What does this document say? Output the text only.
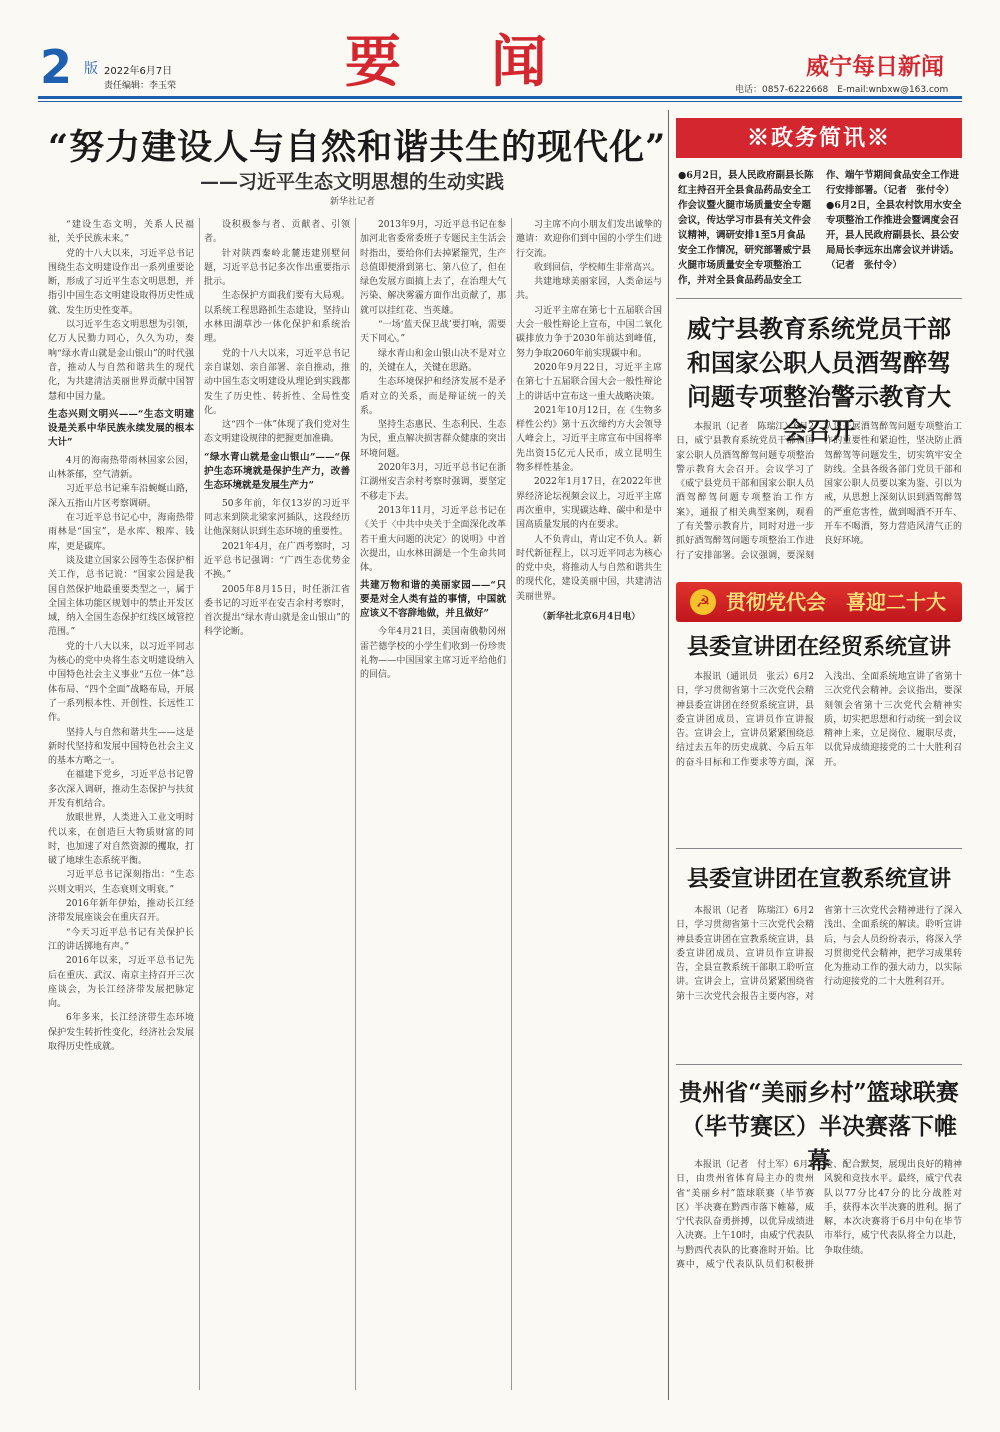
2 版 2022年6月7日
责任编辑：李玉荣	要闻	威宁每日新闻
电话：0857-6222668　E-mail:wnbxw@163.com
“努力建设人与自然和谐共生的现代化”
——习近平生态文明思想的生动实践
新华社记者

“建设生态文明，关系人民福祉，关乎民族未来。”

党的十八大以来，习近平总书记围绕生态文明建设作出一系列重要论断，形成了习近平生态文明思想，并指引中国生态文明建设取得历史性成就、发生历史性变革。

以习近平生态文明思想为引领，亿万人民勠力同心，久久为功，奏响“绿水青山就是金山银山”的时代强音，推动人与自然和谐共生的现代化，为共建清洁美丽世界贡献中国智慧和中国力量。

生态兴则文明兴——“生态文明建设是关系中华民族永续发展的根本大计”

4月的海南热带雨林国家公园，山林茶郁，空气清新。

习近平总书记乘车沿蜿蜒山路，深入五指山片区考察调研。

在习近平总书记心中，海南热带雨林是“国宝”，是水库、粮库、钱库，更是碳库。

谈及建立国家公园等生态保护相关工作，总书记说：“国家公园是我国自然保护地最重要类型之一，属于全国主体功能区规划中的禁止开发区域，纳入全国生态保护红线区域管控范围。”

党的十八大以来，以习近平同志为核心的党中央将生态文明建设纳入中国特色社会主义事业“五位一体”总体布局、“四个全面”战略布局，开展了一系列根本性、开创性、长远性工作。

坚持人与自然和谐共生——这是新时代坚持和发展中国特色社会主义的基本方略之一。

在福建下党乡，习近平总书记曾多次深入调研，推动生态保护与扶贫开发有机结合。

放眼世界，人类进入工业文明时代以来，在创造巨大物质财富的同时，也加速了对自然资源的攫取，打破了地球生态系统平衡。

习近平总书记深刻指出：“生态兴则文明兴，生态衰则文明衰。”

2016年新年伊始，推动长江经济带发展座谈会在重庆召开。

“今天习近平总书记有关保护长江的讲话掷地有声。”

2016年以来，习近平总书记先后在重庆、武汉、南京主持召开三次座谈会，为长江经济带发展把脉定向。

6年多来，长江经济带生态环境保护发生转折性变化，经济社会发展取得历史性成就。

设积极参与者、贡献者、引领者。

针对陕西秦岭北麓违建别墅问题，习近平总书记多次作出重要指示批示。

生态保护方面我们要有大局观。以系统工程思路抓生态建设，坚持山水林田湖草沙一体化保护和系统治理。

党的十八大以来，习近平总书记亲自谋划、亲自部署、亲自推动，推动中国生态文明建设从理论到实践都发生了历史性、转折性、全局性变化。

这“四个一体”体现了我们党对生态文明建设规律的把握更加准确。

“绿水青山就是金山银山”——“保护生态环境就是保护生产力，改善生态环境就是发展生产力”

50多年前，年仅13岁的习近平同志来到陕北梁家河插队，这段经历让他深刻认识到生态环境的重要性。

2021年4月，在广西考察时，习近平总书记强调：“广西生态优势金不换。”

2005年8月15日，时任浙江省委书记的习近平在安吉余村考察时，首次提出“绿水青山就是金山银山”的科学论断。

2013年9月，习近平总书记在参加河北省委常委班子专题民主生活会时指出，要给你们去掉紧箍咒，生产总值即便滑到第七、第八位了，但在绿色发展方面搞上去了，在治理大气污染、解决雾霾方面作出贡献了，那就可以挂红花、当英雄。

“一场‘蓝天保卫战’要打响，需要天下同心。”

绿水青山和金山银山决不是对立的，关键在人，关键在思路。

生态环境保护和经济发展不是矛盾对立的关系，而是辩证统一的关系。

坚持生态惠民、生态利民、生态为民，重点解决损害群众健康的突出环境问题。

2020年3月，习近平总书记在浙江湖州安吉余村考察时强调，要坚定不移走下去。

2013年11月，习近平总书记在《关于〈中共中央关于全面深化改革若干重大问题的决定〉的说明》中首次提出，山水林田湖是一个生命共同体。

共建万物和谐的美丽家园——“只要是对全人类有益的事情，中国就应该义不容辞地做，并且做好”

今年4月21日，美国南俄勒冈州雷芒德学校的小学生们收到一份珍贵礼物——中国国家主席习近平给他们的回信。

习主席不向小朋友们发出诚挚的邀请：欢迎你们到中国的小学生们进行交流。

收到回信，学校师生非常高兴。

共建地球美丽家园，人类命运与共。

习近平主席在第七十五届联合国大会一般性辩论上宣布，中国二氧化碳排放力争于2030年前达到峰值，努力争取2060年前实现碳中和。

2020年9月22日，习近平主席在第七十五届联合国大会一般性辩论上的讲话中宣布这一重大战略决策。

2021年10月12日，在《生物多样性公约》第十五次缔约方大会领导人峰会上，习近平主席宣布中国将率先出资15亿元人民币，成立昆明生物多样性基金。

2022年1月17日，在2022年世界经济论坛视频会议上，习近平主席再次重申，实现碳达峰、碳中和是中国高质量发展的内在要求。

人不负青山，青山定不负人。新时代新征程上，以习近平同志为核心的党中央，将推动人与自然和谐共生的现代化，建设美丽中国，共建清洁美丽世界。

（新华社北京6月4日电）
※政务简讯※
●6月2日，县人民政府副县长陈红主持召开全县食品药品安全工作会议暨火腿市场质量安全专题会议，传达学习市县有关文件会议精神，调研安排1至5月食品安全工作情况，研究部署威宁县火腿市场质量安全专项整治工作，并对全县食品药品安全工作、端午节期间食品安全工作进行安排部署。（记者　张付令）●6月2日，全县农村饮用水安全专项整治工作推进会暨调度会召开，县人民政府副县长、县公安局局长李远东出席会议并讲话。（记者　张付令）
威宁县教育系统党员干部和国家公职人员酒驾醉驾问题专项整治警示教育大会召开

本报讯（记者　陈瑞江）6月2日，威宁县教育系统党员干部和国家公职人员酒驾醉驾问题专项整治警示教育大会召开。会议学习了《威宁县党员干部和国家公职人员酒驾醉驾问题专项整治工作方案》，通报了相关典型案例，观看了有关警示教育片，同时对进一步抓好酒驾醉驾问题专项整治工作进行了安排部署。会议强调，要深刻认识开展酒驾醉驾问题专项整治工作的重要性和紧迫性，坚决防止酒驾醉驾等问题发生，切实筑牢安全防线。全县各级各部门党员干部和国家公职人员要以案为鉴、引以为戒，从思想上深刻认识到酒驾醉驾的严重危害性，做到喝酒不开车、开车不喝酒，努力营造风清气正的良好环境。

贯彻党代会　喜迎二十大
☭
县委宣讲团在经贸系统宣讲

本报讯（通讯员　张云）6月2日，学习贯彻省第十三次党代会精神县委宣讲团在经贸系统宣讲，县委宣讲团成员、宣讲员作宣讲报告。宣讲会上，宣讲员紧紧围绕总结过去五年的历史成就、今后五年的奋斗目标和工作要求等方面，深入浅出、全面系统地宣讲了省第十三次党代会精神。会议指出，要深刻领会省第十三次党代会精神实质，切实把思想和行动统一到会议精神上来，立足岗位、履职尽责，以优异成绩迎接党的二十大胜利召开。

县委宣讲团在宣教系统宣讲

本报讯（记者　陈瑞江）6月2日，学习贯彻省第十三次党代会精神县委宣讲团在宣教系统宣讲，县委宣讲团成员、宣讲员作宣讲报告，全县宣教系统干部职工聆听宣讲。宣讲会上，宣讲员紧紧围绕省第十三次党代会报告主要内容，对省第十三次党代会精神进行了深入浅出、全面系统的解读。聆听宣讲后，与会人员纷纷表示，将深入学习贯彻党代会精神，把学习成果转化为推动工作的强大动力，以实际行动迎接党的二十大胜利召开。

贵州省“美丽乡村”篮球联赛（毕节赛区）半决赛落下帷幕

本报讯（记者　付土军）6月1日，由贵州省体育局主办的贵州省“美丽乡村”篮球联赛（毕节赛区）半决赛在黔西市落下帷幕，威宁代表队奋勇拼搏，以优异成绩进入决赛。上午10时，由威宁代表队与黔西代表队的比赛准时开始。比赛中，威宁代表队队员们积极拼抢、配合默契，展现出良好的精神风貌和竞技水平。最终，威宁代表队以77分比47分的比分战胜对手，获得本次半决赛的胜利。据了解，本次决赛将于6月中旬在毕节市举行，威宁代表队将全力以赴，争取佳绩。
